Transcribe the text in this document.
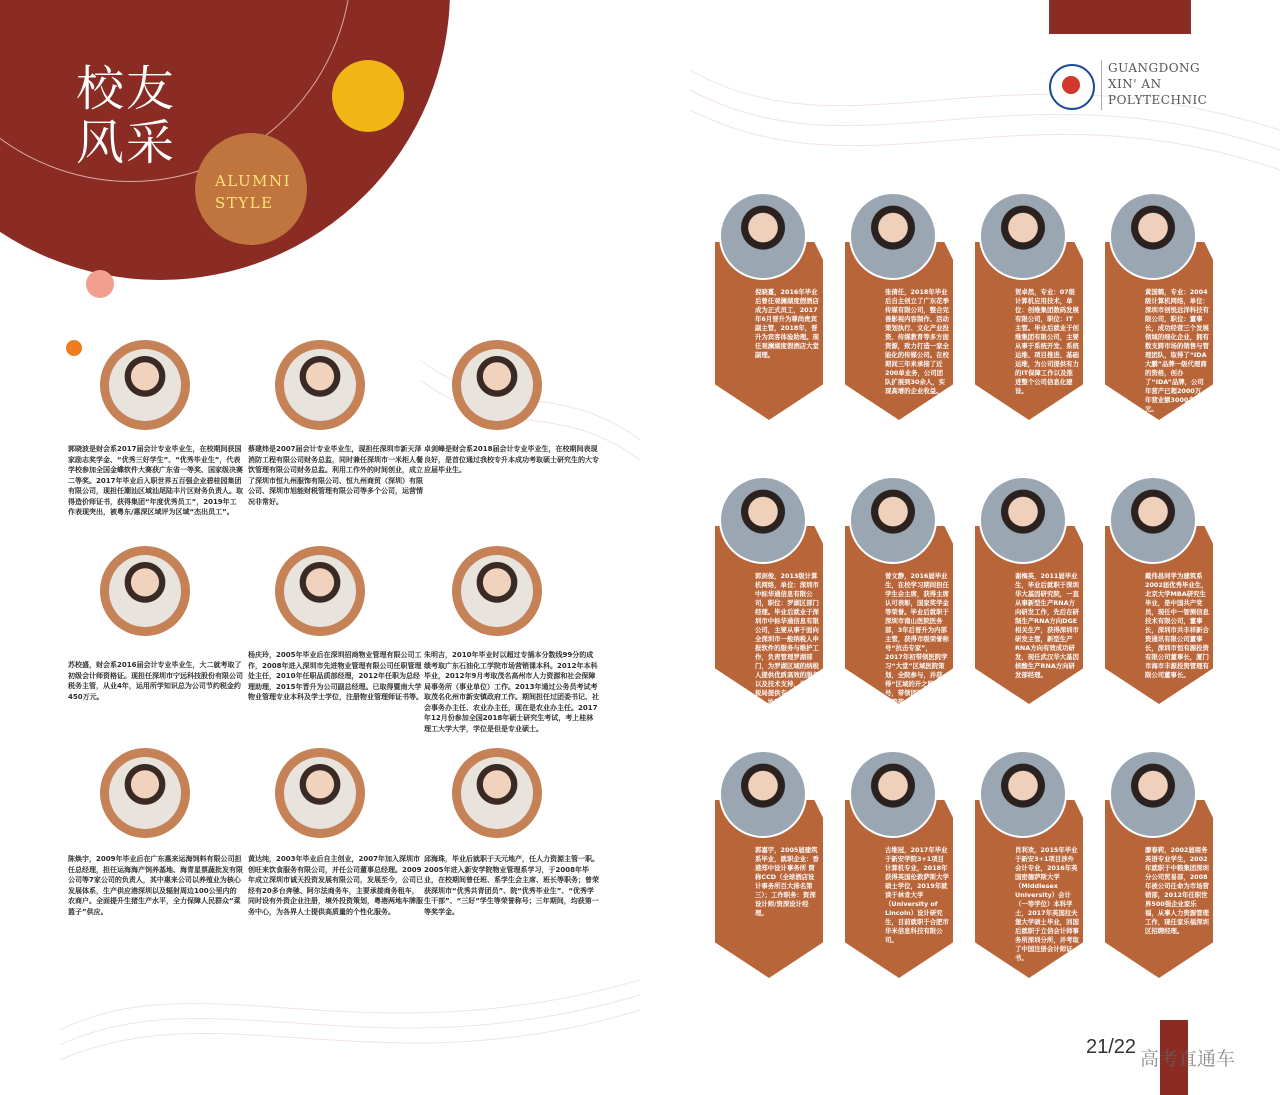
校友
风采
ALUMNI
STYLE
GUANGDONG
XIN' AN
POLYTECHNIC
郭晓波是财会系2017届会计专业毕业生，在校期间获国家励志奖学金、“优秀三好学生”、“优秀毕业生”，代表学校参加全国金蝶软件大赛获广东省一等奖、国家级决赛二等奖。2017年毕业后入职世界五百强企业碧桂园集团有限公司，现担任潮汕区域汕尾陆丰片区财务负责人。取得造价师证书，获得集团“年度优秀员工”，2019年工作表现突出，被粤东/惠深区域评为区域“杰出员工”。
蔡建炜是2007届会计专业毕业生，现担任深圳市新天泽消防工程有限公司财务总监，同时兼任深圳市一米柜人餐饮管理有限公司财务总监。利用工作外的时间创业，成立了深圳市恒九州服饰有限公司、恒九州商贸（深圳）有限公司、深圳市旭能财税管理有限公司等多个公司，运营情况非常好。
卓剑峰是财会系2018届会计专业毕业生，在校期间表现良好，是首位通过我校专升本成功考取硕士研究生的大专应届毕业生。
苏校盛，财会系2016届会计专业毕业生，大二就考取了初级会计师资格证。现担任深圳市宁远科技股份有限公司税务主管，从业4年，运用所学知识总为公司节约税金约450万元。
杨庆玲，2005年毕业后在深圳招商物业管理有限公司工作，2008年进入深圳市先进物业管理有限公司任职管理处主任，2010年任职品质部经理，2012年任职为总经理助理，2015年晋升为公司副总经理。已取得暨南大学物业管理专业本科及学士学位，注册物业管理师证书等。
朱明吉，2010年毕业时以超过专插本分数线99分的成绩考取广东石油化工学院市场营销课本科。2012年本科毕业，2012年9月考取茂名高州市人力资源和社会保障局事务所（事业单位）工作。2013年通过公务员考试考取茂名化州市新安镇政府工作。期间担任过团委书记、社会事务办主任、农业办主任，现在是农业办主任。2017年12月份参加全国2018年硕士研究生考试，考上桂林理工大学大学，学位是但是专业硕士。
陈焕宇，2009年毕业后在广东惠来运海饲料有限公司担任总经理，担任运海海产饲养基地、海青星票蔬批发有限公司等7家公司的负责人，其中惠来公司以养殖业为核心发展体系，生产供应港深圳以及辐射周边100公里内的农商户。全面提升生猪生产水平，全力保障人民群众“菜篮子”供应。
黄达纯，2003年毕业后自主创业，2007年加入深圳市创旺来饮食服务有限公司，并任公司董事总经理。2009年成立深圳市诚天投资发展有限公司，发展至今，公司已经有20多台奔驰、阿尔法商务车，主要承接商务租车，同时设有外资企业注册，境外投资策划，粤港两地车牌服务中心，为各界人士提供高质量的个性化服务。
邱海珠，毕业后就职于天元地产，任人力资源主管一职。2005年进入新安学院物业管理系学习，于2008年毕业，在校期间曾任班、系学生会主席、班长等职务；曾荣获深圳市“优秀共青团员”、院“优秀毕业生”、“优秀学生干部”、“三好”学生等荣誉称号；三年期间，均获第一等奖学金。
倪晓蔓，2016年毕业后曾任观澜湖度假酒店成为正式员工，2017年6月晋升为尊尚贵宾副主管，2018年，晋升为宾客体验助理。现任观澜湖度假酒店大堂副理。
张倩任，2018年毕业后自主创立了广东花季传媒有限公司，整合完善影视内容制作、活动策划执行、文化产业投资、传媒教育等多方面资源，致力打造一家全能化的传媒公司。在校期间三年来承接了近200单业务，公司团队扩展到30余人，实现高增的企业收益。
贺卓然，专业：07级计算机应用技术，单位：创维集团数码发展有限公司，职位：IT主管。毕业后就业于创维集团有限公司，主要从事于系统开发、系统运维、项目推进、基础运维，为公司提供有力的IT保障工作以及推进整个公司信息化建设。
黄国鹤，专业：2004级计算机网络，单位：深圳市创悦远洋科技有限公司，职位：董事长，成功经营三个发展领域的细化企业，拥有数支跨市场的销售与管理团队，取得了“IDA大鹏”品牌一级代理商的资格，创办了“IDA”品牌，公司年营产已超2000万，年营业额3000多万元。
郭剑俊，2013级计算机网络，单位：深圳市中标华通信息有限公司，职位：罗湖区部门经理。毕业后就业于深圳市中标华通信息有限公司，主要从事于面向全深圳市一般纳税人申报软件的服务与维护工作，负责管理罗湖部门，为罗湖区域的纳税人提供优质高效的服务以及技术支持，为罗湖税局提供专业的服务保障，协助税局辅导纳税人。
曾文静，2016届毕业生，在校学习期间担任学生会主席，获得主席认可表彰，国家奖学金等荣誉。毕业后就职于深圳市南山医院医务部，3年后晋升为内部主管，获得市级荣誉称号“抗击专家”，2017年初带领医院学习“大堂”区域医院策划，全院参与，并获得“区域的开之路”称号，带领团队获得省级二等奖，获得荣誉，负责全院服务工作。
谢梅英，2011届毕业生，毕业后就职于深圳华大基因研究院，一直从事新型生产RNA方向研发工作，先后在研制生产RNA方向DGE相关生产，获得深圳市研发主管，新型生产RNA方向有效成功研发，现任武汉华大基因核酸生产RNA方向研发部经理。
戴伟昌同学为建筑系2002届优秀毕业生，北京大学MBA研究生毕业，是中国共产党员，现任中一智测信息技术有限公司，董事长，深圳市共丰祥新合资通讯有限公司董事长，深圳市恒有源投资有限公司董事长，厦门市海市丰源投资管理有限公司董事长。
郭嘉宇，2005届建筑系毕业，就职企业：香港郑中设计事务所 简称CCD（全球酒店设计事务所百大排名第三）；工作职务：资深设计师/资深设计经理。
古维冠，2017年毕业于新安学院3+1项目计算机专业，2018年获得英国伦敦萨斯大学硕士学位，2019年就读于林肯大学（University of Lincoln）设计研究生，目前就职于合肥市华米信息科技有限公司。
肖利欢，2015年毕业于新安3+1项目涉外会计专业，2016年英国密德萨斯大学（Middlesex University）会计（一等学位）本科学士，2017年英国拉夫堡大学硕士毕业，回国后就职于立信会计师事务所深圳分所，并考取了中国注册会计师证书。
廖春莉，2002届商务英语专业学生，2002年就职于中粮集团深圳分公司贸易部，2008年被公司任命为市场营销部，2012年任职世界500强企业家乐福，从事人力资源管理工作，现任家乐福深圳区招聘经理。
21/22
高考直通车
